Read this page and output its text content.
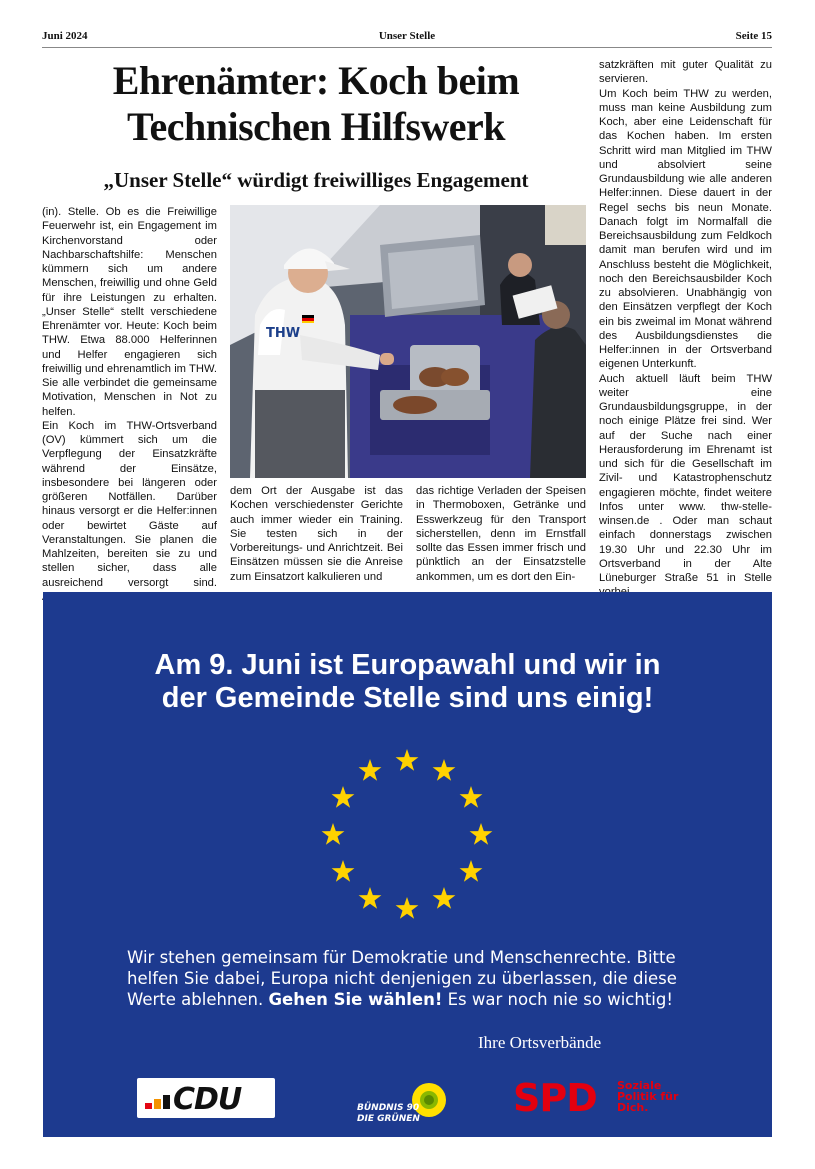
Juni 2024	Unser Stelle	Seite 15
Ehrenämter: Koch beim
Technischen Hilfswerk
„Unser Stelle“ würdigt freiwilliges Engagement

(in). Stelle. Ob es die Freiwillige Feuerwehr ist, ein Engagement im Kirchenvorstand oder Nachbarschaftshilfe: Menschen kümmern sich um andere Menschen, freiwillig und ohne Geld für ihre Leistungen zu erhalten. „Unser Stelle“ stellt verschiedene Ehrenämter vor. Heute: Koch beim THW. Etwa 88.000 Helferinnen und Helfer engagieren sich freiwillig und ehrenamtlich im THW. Sie alle verbindet die gemeinsame Motivation, Menschen in Not zu helfen.

Ein Koch im THW-Ortsverband (OV) kümmert sich um die Verpflegung der Einsatzkräfte während der Einsätze, insbesondere bei längeren oder größeren Notfällen. Darüber hinaus versorgt er die Helfer:innen oder bewirtet Gäste auf Veranstaltungen. Sie planen die Mahlzeiten, bereiten sie zu und stellen sicher, dass alle ausreichend versorgt sind.

THW

dem Ort der Ausgabe ist das Kochen verschiedenster Gerichte auch immer wieder ein Training. Sie testen sich in der Vorbereitungs- und Anrichtzeit. Bei Einsätzen müssen sie die Anreise zum Einsatzort kalkulieren und

das richtige Verladen der Speisen in Thermoboxen, Getränke und Esswerkzeug für den Transport sicherstellen, denn im Ernstfall sollte das Essen immer frisch und pünktlich an der Einsatzstelle ankommen, um es dort den Ein-

satzkräften mit guter Qualität zu servieren.

Um Koch beim THW zu werden, muss man keine Ausbildung zum Koch, aber eine Leidenschaft für das Kochen haben. Im ersten Schritt wird man Mitglied im THW und absolviert seine Grundausbildung wie alle anderen Helfer:innen. Diese dauert in der Regel sechs bis neun Monate. Danach folgt im Normalfall die Bereichsausbildung zum Feldkoch damit man berufen wird und im Anschluss besteht die Möglichkeit, noch den Bereichsausbilder Koch zu absolvieren. Unabhängig von den Einsätzen verpflegt der Koch ein bis zweimal im Monat während des Ausbildungsdienstes die Helfer:innen in der Ortsverband eigenen Unterkunft.

Auch aktuell läuft beim THW weiter eine Grundausbildungsgruppe, in der noch einige Plätze frei sind. Wer auf der Suche nach einer Herausforderung im Ehrenamt ist und sich für die Gesellschaft im Zivil- und Katastrophenschutz engagieren möchte, findet weitere Infos unter www. thw-stelle-winsen.de . Oder man schaut einfach donnerstags zwischen 19.30 Uhr und 22.30 Uhr im Ortsverband in der Alte Lüneburger Straße 51 in Stelle

Am 9. Juni ist Europawahl und wir in
der Gemeinde Stelle sind uns einig!
Wir stehen gemeinsam für Demokratie und Menschenrechte. Bitte helfen Sie dabei, Europa nicht denjenigen zu überlassen, die diese Werte ablehnen. Gehen Sie wählen! Es war noch nie so wichtig!
Ihre Ortsverbände
CDU	BÜNDNIS 90
DIE GRÜNEN SPD Soziale
Politik für
Dich.
